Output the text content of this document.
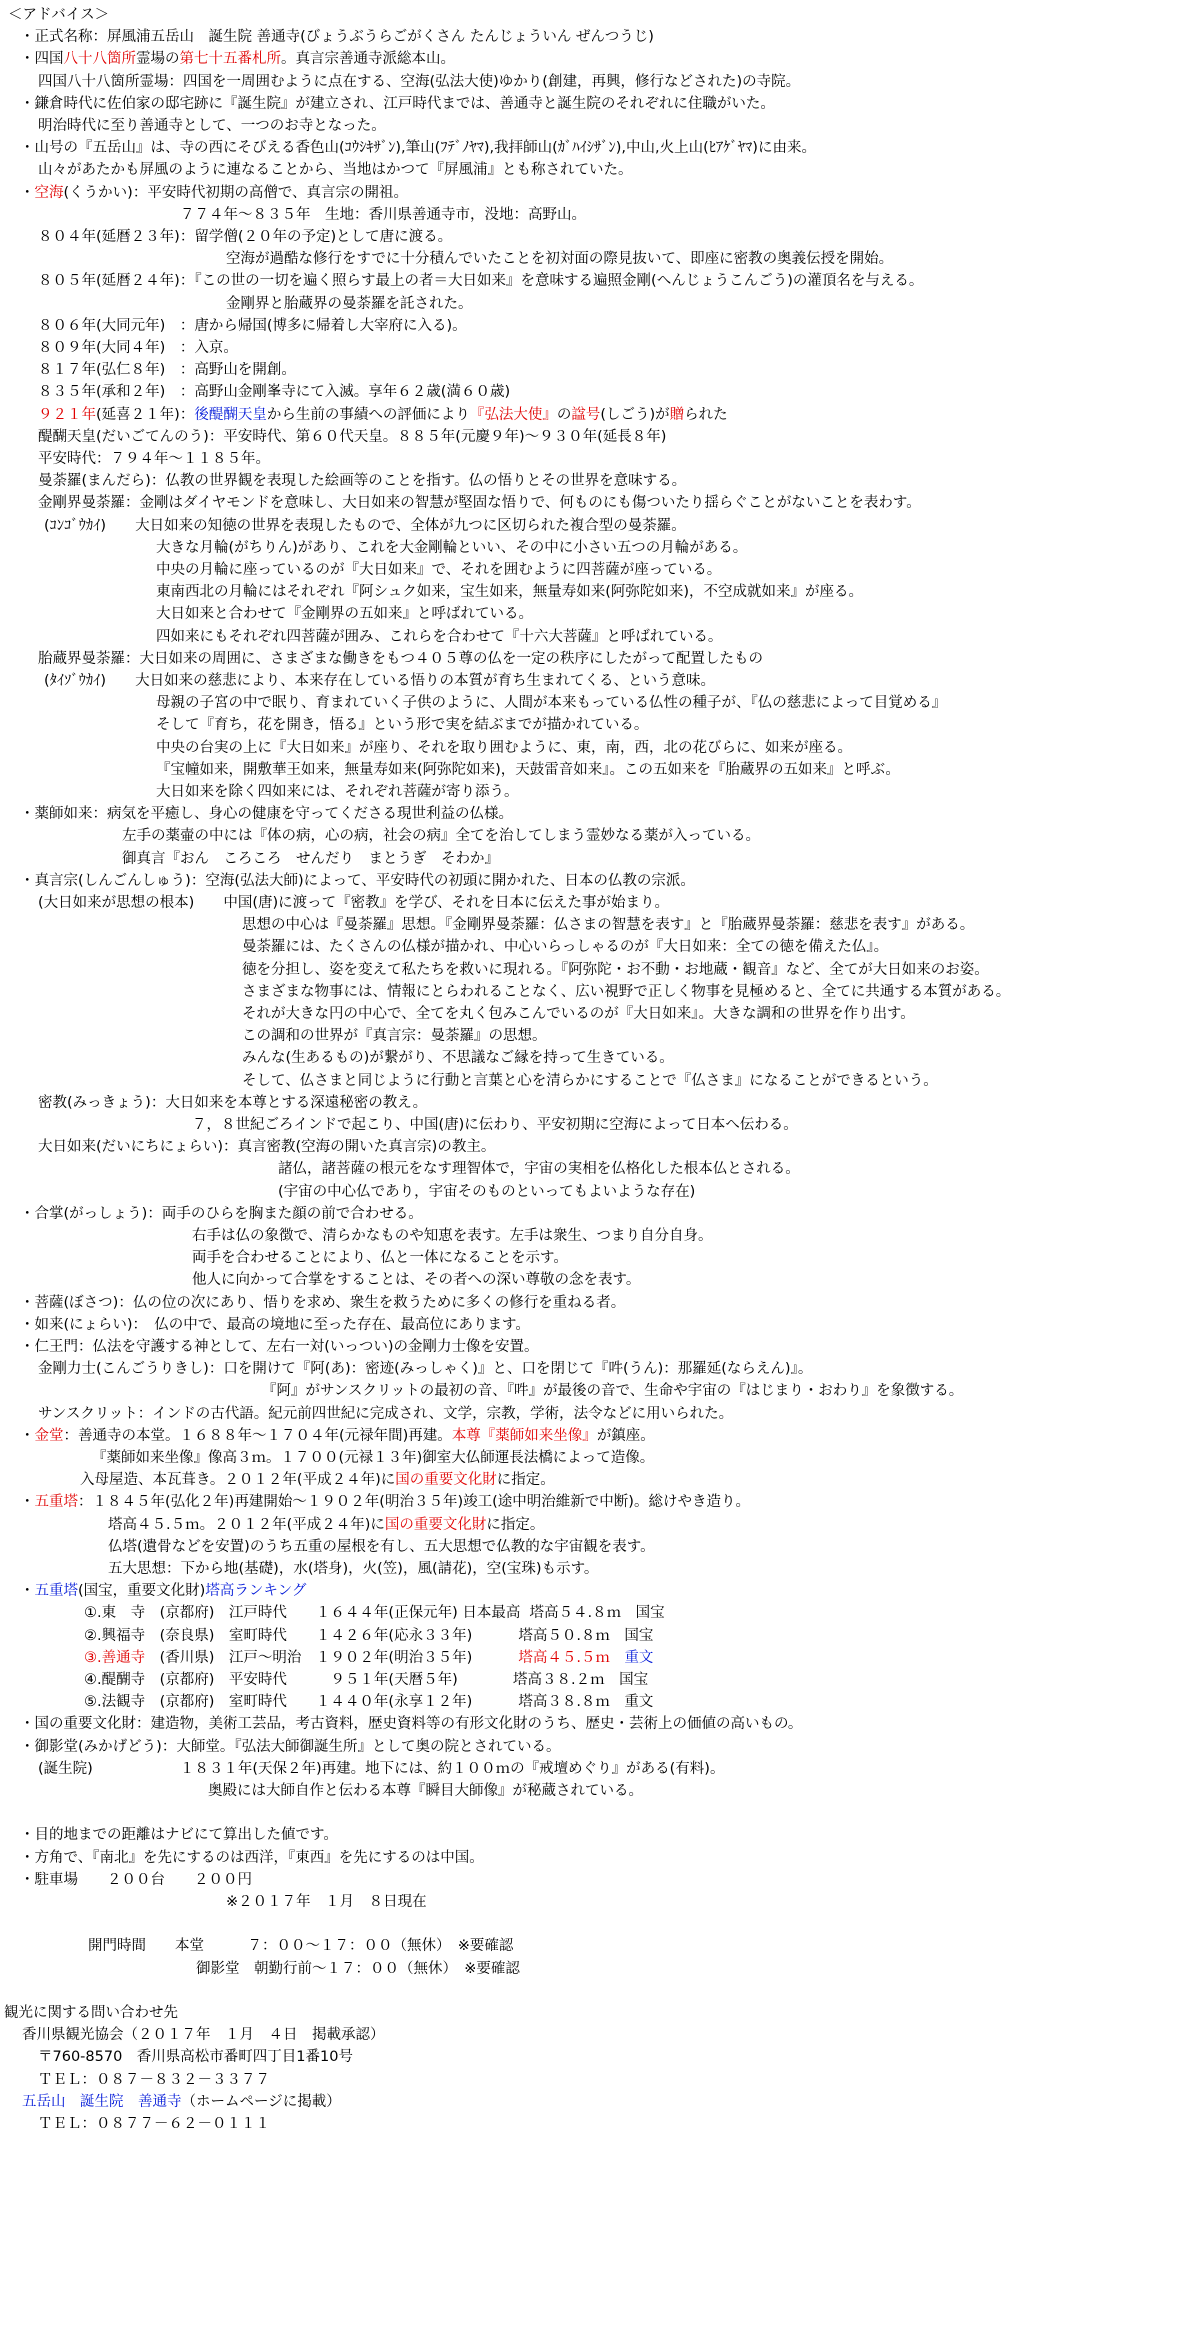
＜アドバイス＞
・正式名称：屏風浦五岳山　誕生院 善通寺(びょうぶうらごがくさん たんじょういん ぜんつうじ)
・四国八十八箇所霊場の第七十五番札所。真言宗善通寺派総本山。
四国八十八箇所霊場：四国を一周囲むように点在する、空海(弘法大使)ゆかり(創建，再興，修行などされた)の寺院。
・鎌倉時代に佐伯家の邸宅跡に『誕生院』が建立され、江戸時代までは、善通寺と誕生院のそれぞれに住職がいた。
明治時代に至り善通寺として、一つのお寺となった。
・山号の『五岳山』は、寺の西にそびえる香色山(ｺｳｼｷｻﾞﾝ),筆山(ﾌﾃﾞﾉﾔﾏ),我拝師山(ｶﾞﾊｲｼｻﾞﾝ),中山,火上山(ﾋｱｹﾞﾔﾏ)に由来。
山々があたかも屏風のように連なることから、当地はかつて『屏風浦』とも称されていた。
・空海(くうかい)：平安時代初期の高僧で、真言宗の開祖。
７７４年～８３５年　生地：香川県善通寺市，没地：高野山。
８０４年(延暦２３年)：留学僧(２０年の予定)として唐に渡る。
空海が過酷な修行をすでに十分積んでいたことを初対面の際見抜いて、即座に密教の奥義伝授を開始。
８０５年(延暦２４年)：『この世の一切を遍く照らす最上の者＝大日如来』を意味する遍照金剛(へんじょうこんごう)の灌頂名を与える。
金剛界と胎蔵界の曼荼羅を託された。
８０６年(大同元年)　：唐から帰国(博多に帰着し大宰府に入る)。
８０９年(大同４年)　：入京。
８１７年(弘仁８年)　：高野山を開創。
８３５年(承和２年)　：高野山金剛峯寺にて入滅。享年６２歳(満６０歳)
９２１年(延喜２１年)：後醍醐天皇から生前の事績への評価により『弘法大使』の諡号(しごう)が贈られた
醍醐天皇(だいごてんのう)：平安時代、第６０代天皇。８８５年(元慶９年)～９３０年(延長８年)
平安時代：７９４年～１１８５年。
曼荼羅(まんだら)：仏教の世界観を表現した絵画等のことを指す。仏の悟りとその世界を意味する。
金剛界曼荼羅：金剛はダイヤモンドを意味し、大日如来の智慧が堅固な悟りで、何ものにも傷ついたり揺らぐことがないことを表わす。
(ｺﾝｺﾞｳｶｲ)　　大日如来の知徳の世界を表現したもので、全体が九つに区切られた複合型の曼荼羅。
大きな月輪(がちりん)があり、これを大金剛輪といい、その中に小さい五つの月輪がある。
中央の月輪に座っているのが『大日如来』で、それを囲むように四菩薩が座っている。
東南西北の月輪にはそれぞれ『阿シュク如来，宝生如来，無量寿如来(阿弥陀如来)，不空成就如来』が座る。
大日如来と合わせて『金剛界の五如来』と呼ばれている。
四如来にもそれぞれ四菩薩が囲み、これらを合わせて『十六大菩薩』と呼ばれている。
胎蔵界曼荼羅：大日如来の周囲に、さまざまな働きをもつ４０５尊の仏を一定の秩序にしたがって配置したもの
(ﾀｲｿﾞｳｶｲ)　　大日如来の慈悲により、本来存在している悟りの本質が育ち生まれてくる、という意味。
母親の子宮の中で眠り、育まれていく子供のように、人間が本来もっている仏性の種子が、『仏の慈悲によって目覚める』
そして『育ち，花を開き，悟る』という形で実を結ぶまでが描かれている。
中央の台実の上に『大日如来』が座り、それを取り囲むように、東，南，西，北の花びらに、如来が座る。
『宝幢如来，開敷華王如来，無量寿如来(阿弥陀如来)，天鼓雷音如来』。この五如来を『胎蔵界の五如来』と呼ぶ。
大日如来を除く四如来には、それぞれ菩薩が寄り添う。
・薬師如来：病気を平癒し、身心の健康を守ってくださる現世利益の仏様。
左手の薬壷の中には『体の病，心の病，社会の病』全てを治してしまう霊妙なる薬が入っている。
御真言『おん　ころころ　せんだり　まとうぎ　そわか』
・真言宗(しんごんしゅう)：空海(弘法大師)によって、平安時代の初頭に開かれた、日本の仏教の宗派。
(大日如来が思想の根本)　　中国(唐)に渡って『密教』を学び、それを日本に伝えた事が始まり。
思想の中心は『曼荼羅』思想。『金剛界曼荼羅：仏さまの智慧を表す』と『胎蔵界曼荼羅：慈悲を表す』がある。
曼荼羅には、たくさんの仏様が描かれ、中心いらっしゃるのが『大日如来：全ての徳を備えた仏』。
徳を分担し、姿を変えて私たちを救いに現れる。『阿弥陀・お不動・お地蔵・観音』など、全てが大日如来のお姿。
さまざまな物事には、情報にとらわれることなく、広い視野で正しく物事を見極めると、全てに共通する本質がある。
それが大きな円の中心で、全てを丸く包みこんでいるのが『大日如来』。大きな調和の世界を作り出す。
この調和の世界が『真言宗：曼荼羅』の思想。
みんな(生あるもの)が繋がり、不思議なご縁を持って生きている。
そして、仏さまと同じように行動と言葉と心を清らかにすることで『仏さま』になることができるという。
密教(みっきょう)：大日如来を本尊とする深遠秘密の教え。
７，８世紀ごろインドで起こり、中国(唐)に伝わり、平安初期に空海によって日本へ伝わる。
大日如来(だいにちにょらい)：真言密教(空海の開いた真言宗)の教主。
諸仏，諸菩薩の根元をなす理智体で，宇宙の実相を仏格化した根本仏とされる。
(宇宙の中心仏であり，宇宙そのものといってもよいような存在)
・合掌(がっしょう)：両手のひらを胸また顔の前で合わせる。
右手は仏の象徴で、清らかなものや知恵を表す。左手は衆生、つまり自分自身。
両手を合わせることにより、仏と一体になることを示す。
他人に向かって合掌をすることは、その者への深い尊敬の念を表す。
・菩薩(ぼさつ)：仏の位の次にあり、悟りを求め、衆生を救うために多くの修行を重ねる者。
・如来(にょらい)：　仏の中で、最高の境地に至った存在、最高位にあります。
・仁王門：仏法を守護する神として、左右一対(いっつい)の金剛力士像を安置。
金剛力士(こんごうりきし)：口を開けて『阿(あ)：密迹(みっしゃく)』と、口を閉じて『吽(うん)：那羅延(ならえん)』。
『阿』がサンスクリットの最初の音、『吽』が最後の音で、生命や宇宙の『はじまり・おわり』を象徴する。
サンスクリット：インドの古代語。紀元前四世紀に完成され、文学，宗教，学術，法令などに用いられた。
・金堂：善通寺の本堂。１６８８年～１７０４年(元禄年間)再建。本尊『薬師如来坐像』が鎮座。
『薬師如来坐像』像高３ｍ。１７００(元禄１３年)御室大仏師運長法橋によって造像。
入母屋造、本瓦葺き。２０１２年(平成２４年)に国の重要文化財に指定。
・五重塔：１８４５年(弘化２年)再建開始～１９０２年(明治３５年)竣工(途中明治維新で中断)。総けやき造り。
塔高４５.５ｍ。２０１２年(平成２４年)に国の重要文化財に指定。
仏塔(遺骨などを安置)のうち五重の屋根を有し、五大思想で仏教的な宇宙観を表す。
五大思想：下から地(基礎)，水(塔身)，火(笠)，風(請花)，空(宝珠)も示す。
・五重塔(国宝，重要文化財)塔高ランキング
①.東　寺　(京都府)　江戸時代　　１６４４年(正保元年) 日本最高  塔高５４.８ｍ　国宝
②.興福寺　(奈良県)　室町時代　　１４２６年(応永３３年)          塔高５０.８ｍ　国宝
③.善通寺　(香川県)　江戸～明治　１９０２年(明治３５年)          塔高４５.５ｍ　 重文
④.醍醐寺　(京都府)　平安時代　　　９５１年(天暦５年)            塔高３８.２ｍ　国宝
⑤.法観寺　(京都府)　室町時代　　１４４０年(永享１２年)          塔高３８.８ｍ　重文
・国の重要文化財：建造物，美術工芸品，考古資料，歴史資料等の有形文化財のうち、歴史・芸術上の価値の高いもの。
・御影堂(みかげどう)：大師堂。『弘法大師御誕生所』として奥の院とされている。
(誕生院)　　　　　　１８３１年(天保２年)再建。地下には、約１００ｍの『戒壇めぐり』がある(有料)。
奥殿には大師自作と伝わる本尊『瞬目大師像』が秘蔵されている。
・目的地までの距離はナビにて算出した値です。
・方角で、『南北』を先にするのは西洋，『東西』を先にするのは中国。
・駐車場　　２００台　　２００円
※２０１７年　１月　８日現在
開門時間　　本堂　　　７：００～１７：００（無休）　※要確認
御影堂　朝勤行前～１７：００（無休）　※要確認
観光に関する問い合わせ先
香川県観光協会（２０１７年　１月　４日　掲載承認）
〒760-8570　香川県高松市番町四丁目1番10号
ＴＥＬ：０８７－８３２－３３７７
五岳山　誕生院　善通寺（ホームページに掲載）
ＴＥＬ：０８７７－６２－０１１１
